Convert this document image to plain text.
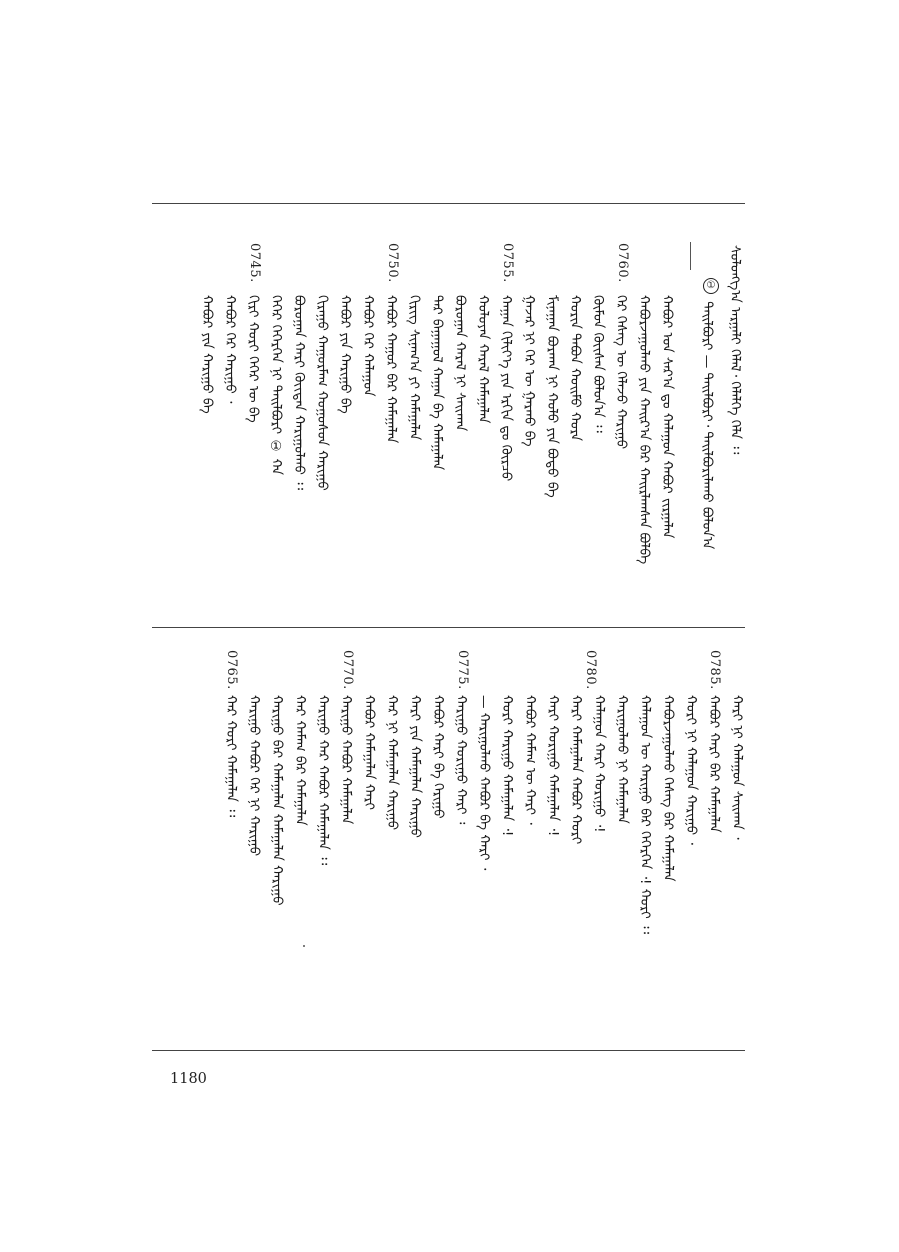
ᠰᠣᠯᠣᠩᠭ᠎ᠠ ᠠᠷᠭᠠᠯᠢ ᠬᠡᠯᠡᠯ᠂ ᠬᠡᠯᠡᠯᠭᠡ ᠬᠡᠯᠡ ᠄᠄
① ᠲᠠᠢᠯᠪᠤᠷᠢ — ᠲᠠᠢᠯᠪᠤᠷᠢ᠂ ᠲᠠᠢᠯᠪᠤᠷᠢᠯᠠᠬᠤ ᠪᠣᠯᠤᠨ᠎ᠠ
ᠬᠠᠪᠤᠷ ᠤᠨ ᠰᠠᠷ᠎ᠠ ᠳᠤ ᠬᠠᠯᠠᠭᠤᠨ ᠬᠠᠪᠤᠷ ᠵᠢᠷᠭᠠᠯᠠᠨ
ᠬᠠᠪᠤᠷᠵᠠᠭᠤᠯᠬᠤ ᠶᠢᠨ ᠬᠠᠢᠷ᠎ᠠ ᠪᠡᠷ ᠬᠠᠢᠷᠯᠠᠭᠰᠠᠨ ᠪᠣᠯᠪᠠ
ᠬᠡᠷ ᠬᠡᠰᠡᠭ ᠦ ᠬᠡᠯᠡᠵᠦ ᠬᠠᠷᠢᠭᠤ
ᠬᠦᠮᠦᠨ ᠬᠦᠢᠰᠡᠨ ᠪᠣᠯᠤᠨ᠎ᠠ ᠄᠄
ᠬᠣᠷᠢᠨ ᠲᠠᠪᠤᠨ ᠬᠣᠢᠮᠣ ᠬᠣᠷᠠ
ᠮᠢᠨᠠᠭᠠᠨ ᠪᠤᠷᠬᠠᠨ ᠨᠢ ᠬᠣᠯᠣ ᠶᠢᠨ ᠪᠣᠳᠤ ᠪᠠ
ᠭᠠᠵᠠᠷ ᠨᠢ ᠭᠡᠷ ᠦ ᠭᠠᠷᠬᠤ ᠪᠠ
ᠬᠠᠭᠠᠨ ᠬᠢᠯᠢᠶ᠎ᠡ ᠶᠢᠨ ᠡᠷᠭᠢᠨ ᠳᠤ ᠬᠦᠷᠴᠦ
ᠬᠣᠯᠣᠶᠠᠨ ᠬᠠᠷᠠᠯ ᠬᠠᠮᠠᠭᠠᠯᠠᠨ
ᠪᠣᠷᠣᠭᠠᠨ ᠬᠠᠷᠠᠯ ᠨᠢ ᠰᠠᠢᠬᠠᠨ
ᠲᠡᠷ ᠪᠠᠭᠠᠭᠤᠯ ᠬᠠᠭᠠᠨ ᠪᠠ ᠬᠠᠮᠠᠭᠠᠯᠠᠨ
ᠬᠢᠷᠢᠭ ᠰᠢᠨᠠᠭ᠎ᠠ ᠶᠢ ᠬᠠᠮᠠᠭᠠᠯᠠᠨ
ᠬᠠᠪᠤᠷ ᠬᠠᠭᠤᠷ ᠪᠠᠷ ᠬᠠᠮᠠᠭᠠᠯᠠᠨ
ᠬᠠᠪᠤᠷ ᠬᠡᠷ ᠬᠠᠯᠠᠭᠤᠨ
ᠬᠠᠪᠤᠷ ᠶᠢᠨ ᠬᠠᠷᠢᠭᠤ ᠪᠠ
ᠬᠢᠷᠠᠭᠤ ᠬᠠᠭᠤᠷᠮᠠᠭ ᠬᠣᠭᠣᠰᠣᠨ ᠬᠠᠷᠢᠭᠤ
ᠪᠣᠷᠣᠭᠠᠨ ᠬᠠᠷᠢ ᠬᠦᠢᠲᠡᠨ ᠬᠠᠷᠢᠭᠤᠯᠬᠤ ᠄᠄
ᠬᠡᠭᠡᠷ ᠬᠡᠭᠡᠷᠬᠡᠨ ᠨᠢ ᠲᠠᠢᠯᠪᠤᠷᠢ ① ᠬᠠ
ᠬᠢᠷᠢ ᠬᠣᠷᠢ ᠬᠡᠭᠡᠷ ᠦ ᠪᠠ
ᠬᠠᠪᠤᠷ ᠬᠡᠷ ᠬᠠᠷᠢᠭᠤ ᠂
ᠬᠠᠪᠤᠷ ᠶᠢᠨ ᠬᠠᠷᠢᠭᠤ ᠪᠠ
0760.
0755.
0750.
0745.
ᠬᠠᠷᠢ ᠨᠢ ᠬᠠᠯᠠᠭᠤᠨ ᠰᠠᠢᠬᠠᠨ ᠂
ᠬᠠᠪᠤᠷ ᠬᠠᠷᠢ ᠪᠠᠷ ᠬᠠᠮᠠᠭᠠᠯᠠᠨ
ᠬᠣᠷᠢ ᠨᠢ ᠬᠠᠯᠠᠭᠤᠨ ᠬᠠᠷᠢᠭᠤ ᠂
ᠬᠠᠪᠤᠷᠵᠠᠭᠤᠯᠬᠤ ᠬᠡᠰᠡᠭ ᠪᠠᠷ ᠬᠠᠮᠠᠭᠠᠯᠠᠨ
ᠬᠠᠯᠠᠭᠤᠨ ᠦ ᠬᠠᠷᠢᠭᠤ ᠪᠠᠷ ᠬᠡᠭᠡᠷᠬᠡᠨ ᠂! ᠬᠣᠷᠢ ᠄᠄
ᠬᠠᠷᠢᠭᠤᠯᠬᠤ ᠨᠢ ᠬᠠᠮᠠᠭᠠᠯᠠᠨ
ᠬᠠᠯᠠᠭᠤᠨ ᠬᠠᠷᠢ ᠬᠣᠷᠢᠭᠤ ᠂!
ᠬᠠᠷᠢ ᠬᠠᠮᠠᠭᠠᠯᠠᠨ ᠬᠠᠪᠤᠷ ᠬᠣᠷᠢ
ᠬᠠᠷᠢ ᠬᠣᠷᠢᠭᠤ ᠬᠠᠮᠠᠭᠠᠯᠠᠨ ᠂!
ᠬᠠᠪᠤᠷ ᠬᠠᠮᠠᠭ ᠦ ᠬᠠᠷᠢ ᠂
ᠬᠣᠷᠢ ᠬᠠᠷᠢᠭᠤ ᠬᠠᠮᠠᠭᠠᠯᠠᠨ ᠂!
— ᠬᠠᠷᠢᠭᠤᠯᠬᠤ ᠬᠠᠪᠤᠷ ᠪᠠ ᠬᠠᠷᠢ ᠂
ᠬᠠᠷᠢᠭᠤ ᠬᠣᠷᠢᠭᠤ ᠬᠠᠷᠢ ᠄
ᠬᠠᠪᠤᠷ ᠬᠠᠷᠢ ᠪᠠ ᠬᠡᠷᠢᠭᠤ
ᠬᠠᠷᠢ ᠶᠢᠨ ᠬᠠᠮᠠᠭᠠᠯᠠᠨ ᠬᠠᠷᠢᠭᠤ
ᠬᠠᠷ ᠨᠢ ᠬᠠᠮᠠᠭᠠᠯᠠᠨ ᠬᠠᠷᠢᠭᠤ
ᠬᠠᠪᠤᠷ ᠬᠠᠮᠠᠭᠠᠯᠠᠨ ᠬᠠᠷᠢ
ᠬᠠᠷᠢᠭᠤ ᠬᠠᠪᠤᠷ ᠬᠠᠮᠠᠭᠠᠯᠠᠨ
ᠬᠠᠷᠢᠭᠤ ᠬᠠᠷ ᠬᠠᠪᠤᠷ ᠬᠠᠮᠠᠭᠠᠯᠠᠨ ᠄᠄
ᠬᠠᠷ ᠬᠠᠮᠠᠭ ᠪᠠᠷ ᠬᠠᠮᠠᠭᠠᠯᠠᠨ
ᠬᠠᠷᠢᠭᠤ ᠪᠠᠷ ᠬᠠᠮᠠᠭᠠᠯᠠᠨ ᠬᠠᠮᠠᠭᠠᠯᠠᠨ ᠬᠠᠷᠢᠭᠤ
ᠬᠠᠷᠢᠭᠤ ᠬᠠᠪᠤᠷ ᠬᠡᠷ ᠨᠢ ᠬᠠᠷᠢᠭᠤ
ᠬᠠᠷ ᠬᠣᠷᠢ ᠬᠠᠮᠠᠭᠠᠯᠠᠨ ᠄᠄
0785.
0780.
0775.
0770.
0765.
1180
